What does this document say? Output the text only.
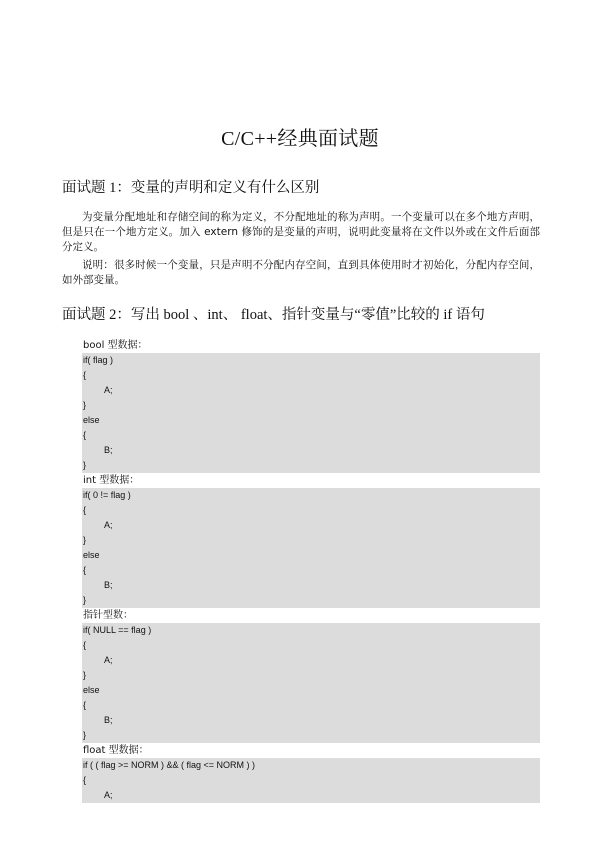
C/C++经典面试题
面试题 1：变量的声明和定义有什么区别
为变量分配地址和存储空间的称为定义，不分配地址的称为声明。一个变量可以在多个地方声明，但是只在一个地方定义。加入 extern 修饰的是变量的声明，说明此变量将在文件以外或在文件后面部分定义。
说明：很多时候一个变量，只是声明不分配内存空间，直到具体使用时才初始化，分配内存空间，如外部变量。
面试题 2：写出 bool 、int、 float、指针变量与“零值”比较的 if 语句
bool 型数据：
if( flag )
{
A;
}
else
{
B;
}
int 型数据：
if( 0 != flag )
{
A;
}
else
{
B;
}
指针型数：
if( NULL == flag )
{
A;
}
else
{
B;
}
float 型数据：
if ( ( flag >= NORM ) && ( flag <= NORM ) )
{
A;
